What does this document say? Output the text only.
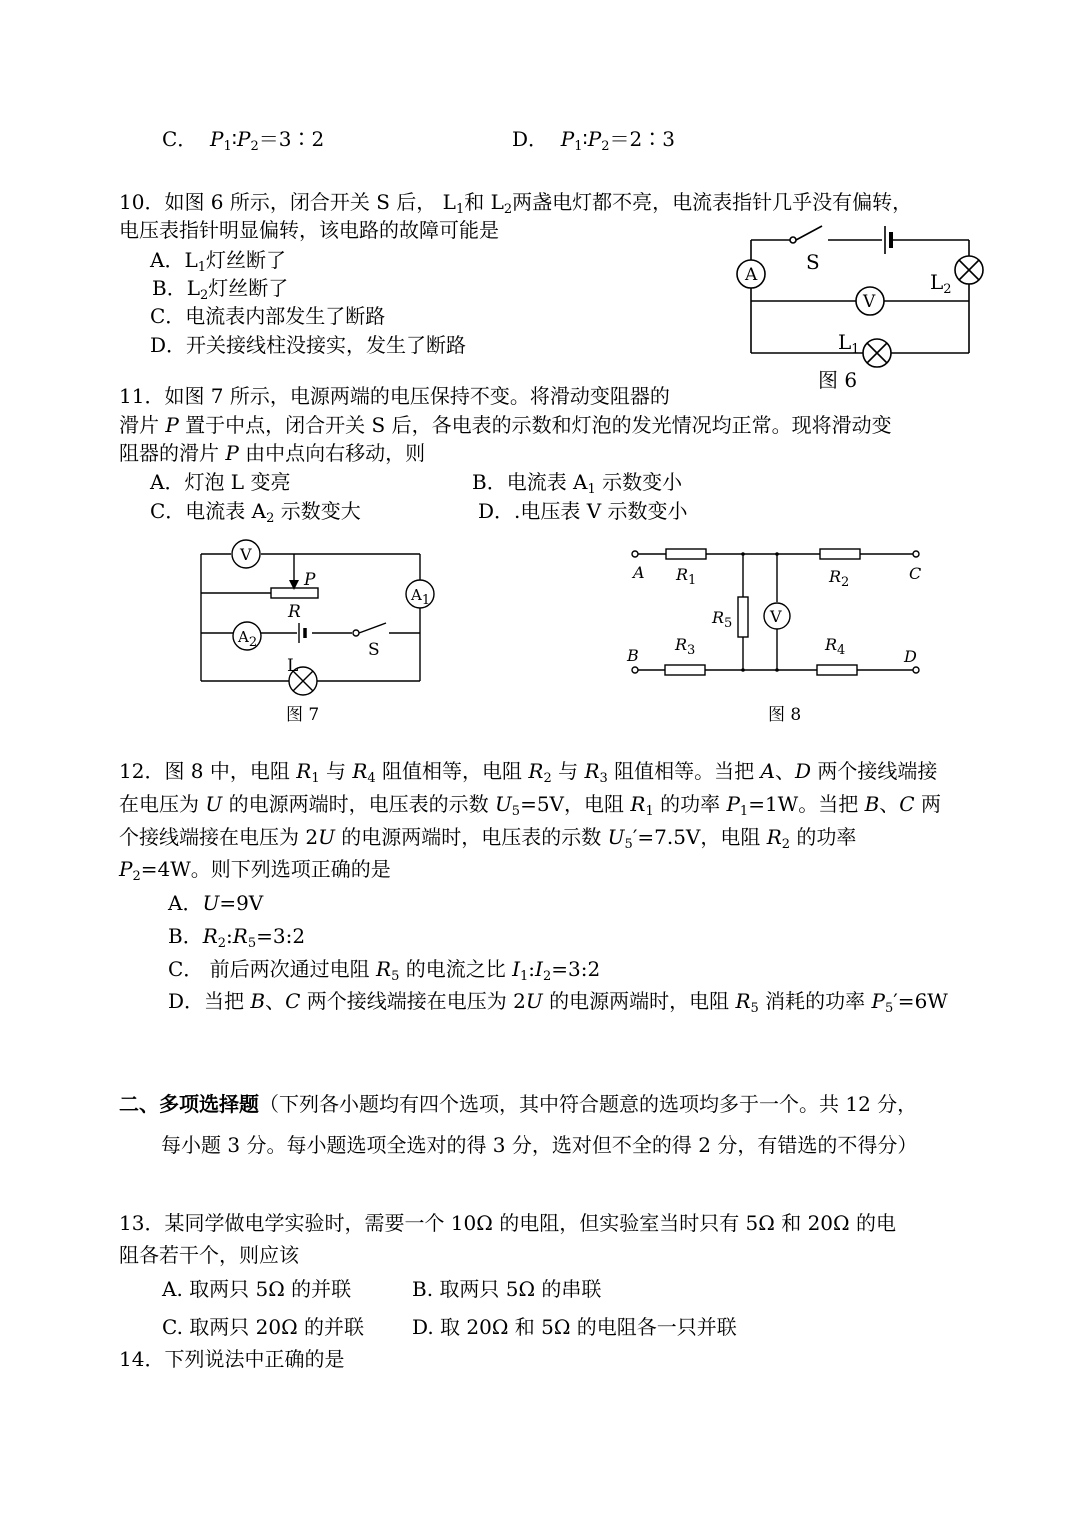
C． $P_1∶P_2=3∶2$	D． $P_1∶P_2=2∶3$
10．如图 6 所示，闭合开关 S 后， $L_1$和 $L_2$两盏电灯都不亮，电流表指针几乎没有偏转，
电压表指针明显偏转，该电路的故障可能是
A．$L_1$灯丝断了
B．$L_2$灯丝断了
C．电流表内部发生了断路
D．开关接线柱没接实，发生了断路
S
A
V
$L_2$
$L_1$
图 6
11．如图 7 所示，电源两端的电压保持不变。将滑动变阻器的
滑片 P 置于中点，闭合开关 S 后，各电表的示数和灯泡的发光情况均正常。现将滑动变
阻器的滑片 P 由中点向右移动，则
A．灯泡 L 变亮	B．电流表 $A_1$ 示数变小
C．电流表 $A_2$ 示数变大	D．.电压表 V 示数变小
V
P
R
$A_1$
$A_2$	S
L
图 7
A
B
C
D
$R_1$	$R_2$
$R_3$	$R_4$
$R_5$ V
图 8
12．图 8 中，电阻 $R_1$ 与 $R_4$ 阻值相等，电阻 $R_2$ 与 $R_3$ 阻值相等。当把 A、D 两个接线端接
在电压为 U 的电源两端时，电压表的示数 $U_5=5V$，电阻 $R_1$ 的功率 $P_1=1W$。当把 B、C 两
个接线端接在电压为 2U 的电源两端时，电压表的示数 $U_5'=7.5V$，电阻 $R_2$ 的功率
$P_2=4W$。则下列选项正确的是
A．U=9V
B．$R_2:R_5=3:2$
C． 前后两次通过电阻 $R_5$ 的电流之比 $I_1:I_2=3:2$
D．当把 B、C 两个接线端接在电压为 2U 的电源两端时，电阻 $R_5$ 消耗的功率 $P_5'=6W$
二、多项选择题（下列各小题均有四个选项，其中符合题意的选项均多于一个。共 12 分，
每小题 3 分。每小题选项全选对的得 3 分，选对但不全的得 2 分，有错选的不得分）
13．某同学做电学实验时，需要一个 10Ω 的电阻，但实验室当时只有 5Ω 和 20Ω 的电
阻各若干个，则应该
A. 取两只 5Ω 的并联	B. 取两只 5Ω 的串联
C. 取两只 20Ω 的并联 D. 取 20Ω 和 5Ω 的电阻各一只并联
14．下列说法中正确的是
